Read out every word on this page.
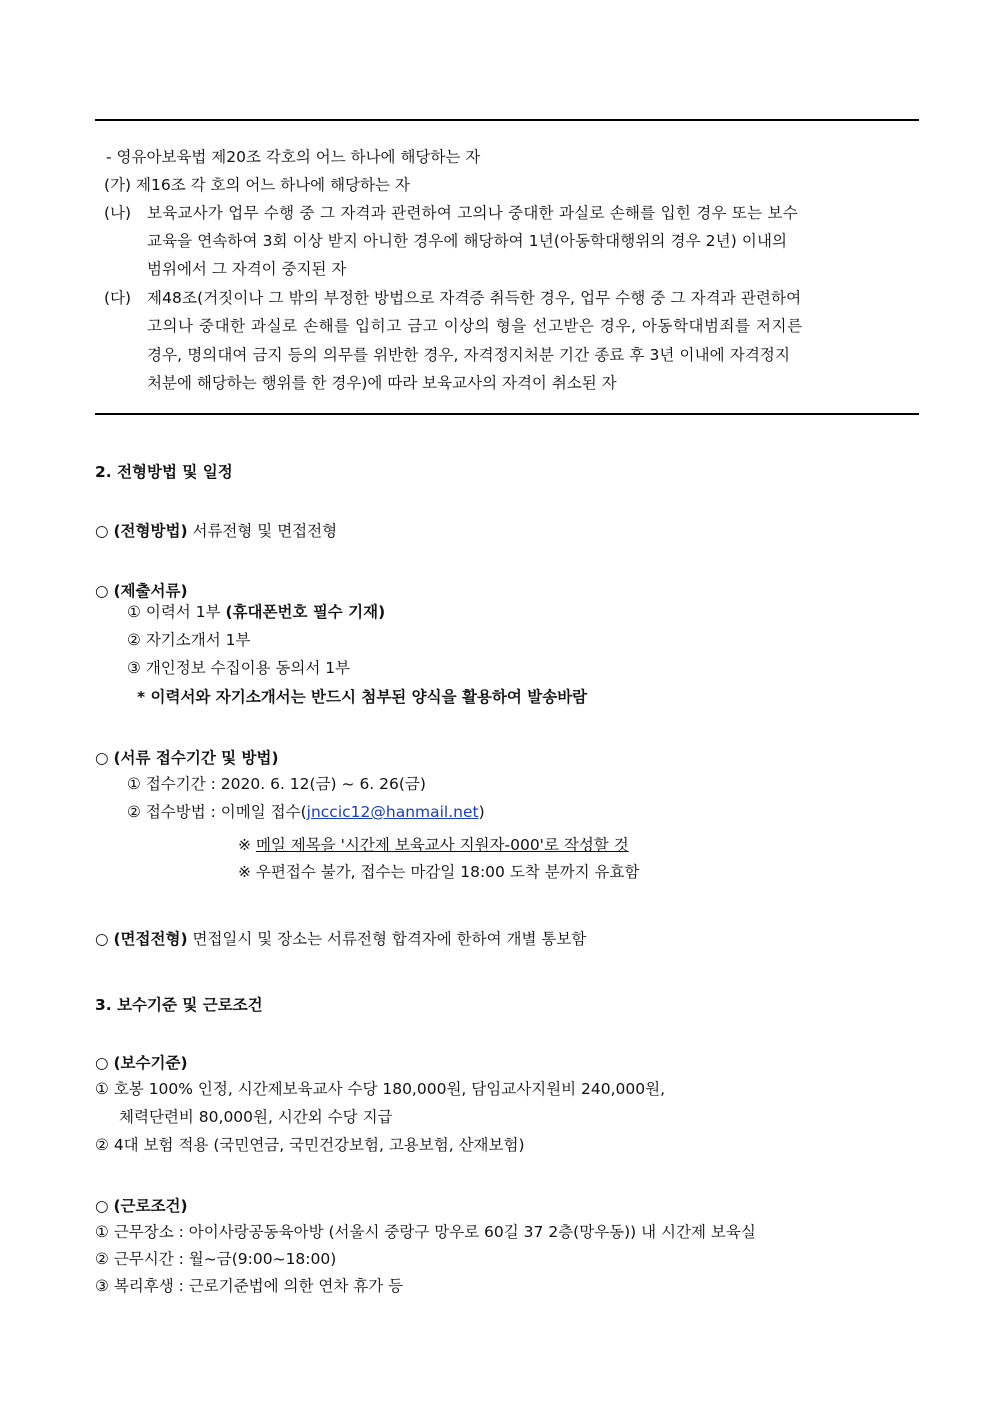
- 영유아보육법 제20조 각호의 어느 하나에 해당하는 자
(가) 제16조 각 호의 어느 하나에 해당하는 자
(나) 보육교사가 업무 수행 중 그 자격과 관련하여 고의나 중대한 과실로 손해를 입힌 경우 또는 보수
교육을 연속하여 3회 이상 받지 아니한 경우에 해당하여 1년(아동학대행위의 경우 2년) 이내의
범위에서 그 자격이 중지된 자
(다) 제48조(거짓이나 그 밖의 부정한 방법으로 자격증 취득한 경우, 업무 수행 중 그 자격과 관련하여
고의나 중대한 과실로 손해를 입히고 금고 이상의 형을 선고받은 경우, 아동학대범죄를 저지른
경우, 명의대여 금지 등의 의무를 위반한 경우, 자격정지처분 기간 종료 후 3년 이내에 자격정지
처분에 해당하는 행위를 한 경우)에 따라 보육교사의 자격이 취소된 자
2. 전형방법 및 일정
○ (전형방법) 서류전형 및 면접전형
○ (제출서류)
① 이력서 1부 (휴대폰번호 필수 기재)
② 자기소개서 1부
③ 개인정보 수집이용 동의서 1부
* 이력서와 자기소개서는 반드시 첨부된 양식을 활용하여 발송바람
○ (서류 접수기간 및 방법)
① 접수기간 : 2020. 6. 12(금) ~ 6. 26(금)
② 접수방법 : 이메일 접수(jnccic12@hanmail.net)
※ 메일 제목을 '시간제 보육교사 지원자-000'로 작성할 것
※ 우편접수 불가, 접수는 마감일 18:00 도착 분까지 유효함
○ (면접전형) 면접일시 및 장소는 서류전형 합격자에 한하여 개별 통보함
3. 보수기준 및 근로조건
○ (보수기준)
① 호봉 100% 인정, 시간제보육교사 수당 180,000원, 담임교사지원비 240,000원,
체력단련비 80,000원, 시간외 수당 지급
② 4대 보험 적용 (국민연금, 국민건강보험, 고용보험, 산재보험)
○ (근로조건)
① 근무장소 : 아이사랑공동육아방 (서울시 중랑구 망우로 60길 37 2층(망우동)) 내 시간제 보육실
② 근무시간 : 월~금(9:00~18:00)
③ 복리후생 : 근로기준법에 의한 연차 휴가 등
